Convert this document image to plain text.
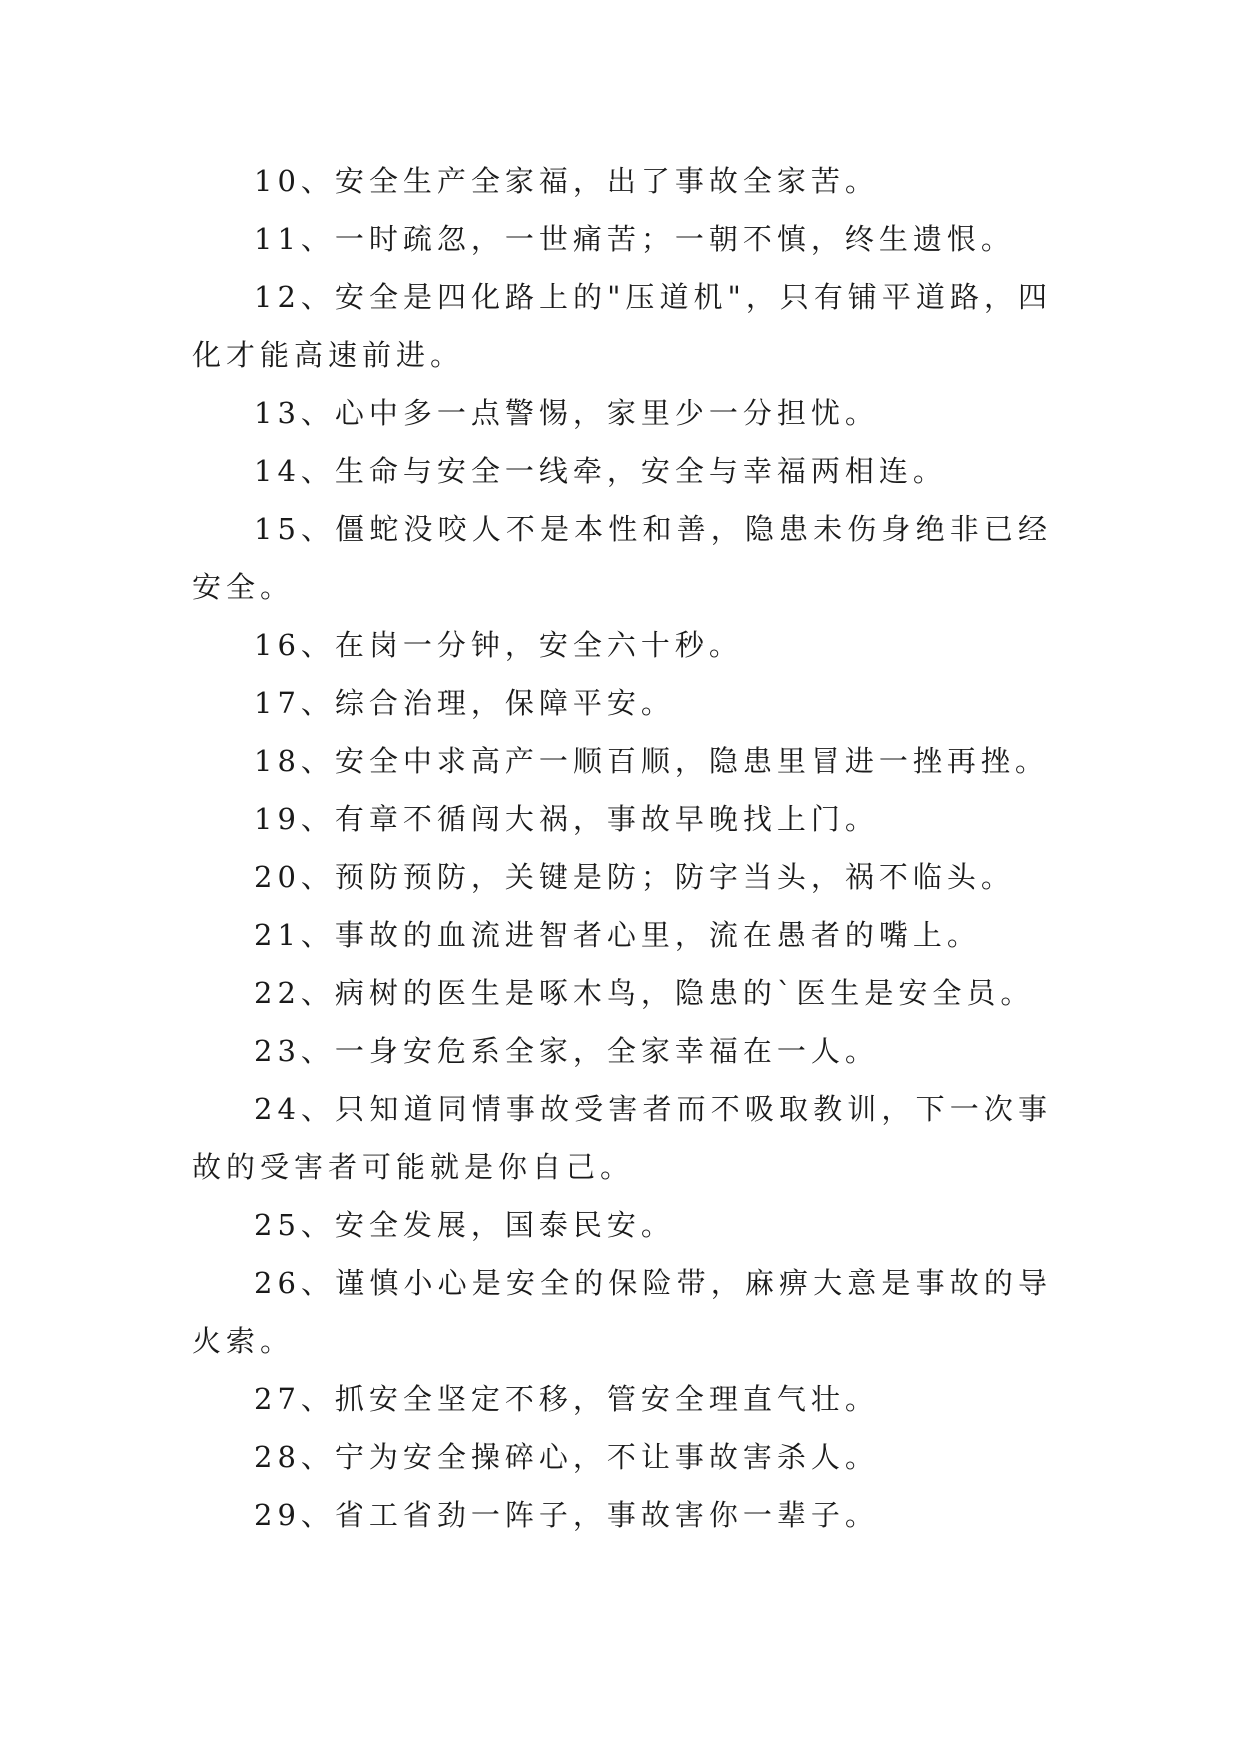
10、安全生产全家福，出了事故全家苦。

11、一时疏忽，一世痛苦；一朝不慎，终生遗恨。

12、安全是四化路上的"压道机"，只有铺平道路，四化才能高速前进。

13、心中多一点警惕，家里少一分担忧。

14、生命与安全一线牵，安全与幸福两相连。

15、僵蛇没咬人不是本性和善，隐患未伤身绝非已经安全。

16、在岗一分钟，安全六十秒。

17、综合治理，保障平安。

18、安全中求高产一顺百顺，隐患里冒进一挫再挫。

19、有章不循闯大祸，事故早晚找上门。

20、预防预防，关键是防；防字当头，祸不临头。

21、事故的血流进智者心里，流在愚者的嘴上。

22、病树的医生是啄木鸟，隐患的`医生是安全员。

23、一身安危系全家，全家幸福在一人。

24、只知道同情事故受害者而不吸取教训，下一次事故的受害者可能就是你自己。

25、安全发展，国泰民安。

26、谨慎小心是安全的保险带，麻痹大意是事故的导火索。

27、抓安全坚定不移，管安全理直气壮。

28、宁为安全操碎心，不让事故害杀人。

29、省工省劲一阵子，事故害你一辈子。
